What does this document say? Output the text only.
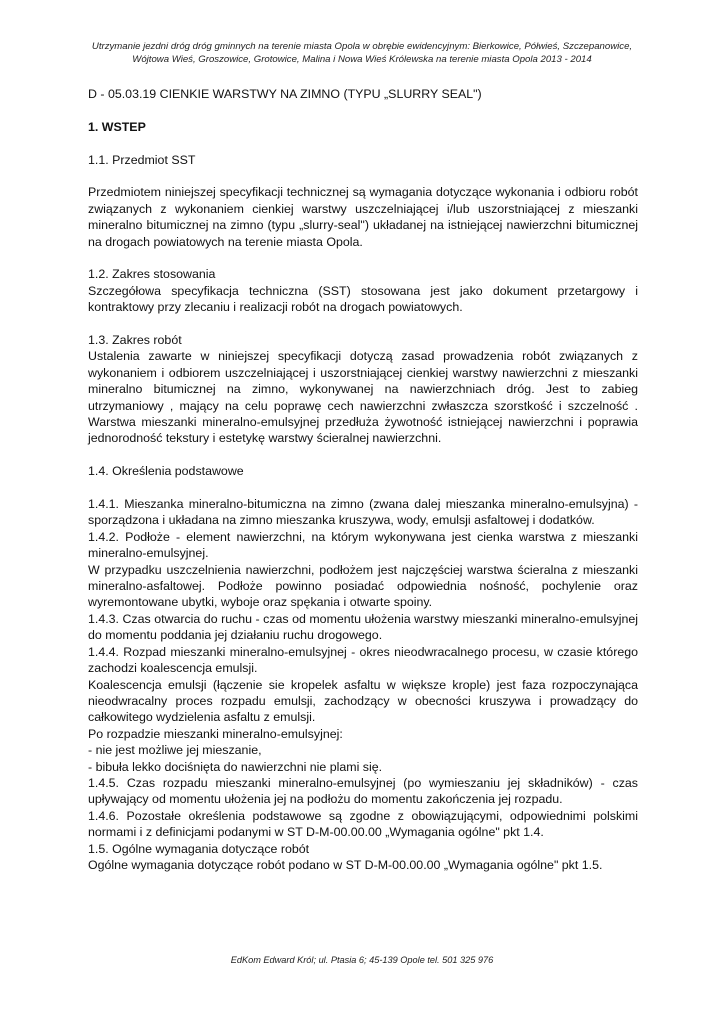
Utrzymanie jezdni dróg dróg gminnych na terenie miasta Opola w obrębie ewidencyjnym: Bierkowice, Półwieś, Szczepanowice,
Wójtowa Wieś, Groszowice, Grotowice, Malina i Nowa Wieś Królewska na terenie miasta Opola 2013 - 2014

D - 05.03.19 CIENKIE WARSTWY NA ZIMNO (TYPU „SLURRY SEAL")

1. WSTEP

1.1. Przedmiot SST

Przedmiotem niniejszej specyfikacji technicznej są wymagania dotyczące wykonania i odbioru robót związanych z wykonaniem cienkiej warstwy uszczelniającej i/lub uszorstniającej z mieszanki mineralno bitumicznej na zimno (typu „slurry-seal") układanej na istniejącej nawierzchni bitumicznej na drogach powiatowych na terenie miasta Opola.

1.2. Zakres stosowania

Szczegółowa specyfikacja techniczna (SST) stosowana jest jako dokument przetargowy i kontraktowy przy zlecaniu i realizacji robót na drogach powiatowych.

1.3. Zakres robót

Ustalenia zawarte w niniejszej specyfikacji dotyczą zasad prowadzenia robót związanych z wykonaniem i odbiorem uszczelniającej i uszorstniającej cienkiej warstwy nawierzchni z mieszanki mineralno bitumicznej na zimno, wykonywanej na nawierzchniach dróg. Jest to zabieg utrzymaniowy , mający na celu poprawę cech nawierzchni zwłaszcza szorstkość i szczelność . Warstwa mieszanki mineralno-emulsyjnej przedłuża żywotność istniejącej nawierzchni i poprawia jednorodność tekstury i estetykę warstwy ścieralnej nawierzchni.

1.4. Określenia podstawowe

1.4.1. Mieszanka mineralno-bitumiczna na zimno (zwana dalej mieszanka mineralno-emulsyjna) - sporządzona i układana na zimno mieszanka kruszywa, wody, emulsji asfaltowej i dodatków.

1.4.2. Podłoże - element nawierzchni, na którym wykonywana jest cienka warstwa z mieszanki mineralno-emulsyjnej.

W przypadku uszczelnienia nawierzchni, podłożem jest najczęściej warstwa ścieralna z mieszanki mineralno-asfaltowej. Podłoże powinno posiadać odpowiednia nośność, pochylenie oraz wyremontowane ubytki, wyboje oraz spękania i otwarte spoiny.

1.4.3. Czas otwarcia do ruchu - czas od momentu ułożenia warstwy mieszanki mineralno-emulsyjnej do momentu poddania jej działaniu ruchu drogowego.

1.4.4. Rozpad mieszanki mineralno-emulsyjnej - okres nieodwracalnego procesu, w czasie którego zachodzi koalescencja emulsji.

Koalescencja emulsji (łączenie sie kropelek asfaltu w większe krople) jest faza rozpoczynająca nieodwracalny proces rozpadu emulsji, zachodzący w obecności kruszywa i prowadzący do całkowitego wydzielenia asfaltu z emulsji.

Po rozpadzie mieszanki mineralno-emulsyjnej:

- nie jest możliwe jej mieszanie,

- bibuła lekko dociśnięta do nawierzchni nie plami się.

1.4.5. Czas rozpadu mieszanki mineralno-emulsyjnej (po wymieszaniu jej składników) - czas upływający od momentu ułożenia jej na podłożu do momentu zakończenia jej rozpadu.

1.4.6. Pozostałe określenia podstawowe są zgodne z obowiązującymi, odpowiednimi polskimi normami i z definicjami podanymi w ST D-M-00.00.00 „Wymagania ogólne" pkt 1.4.

1.5. Ogólne wymagania dotyczące robót

Ogólne wymagania dotyczące robót podano w ST D-M-00.00.00 „Wymagania ogólne" pkt 1.5.

EdKom Edward Król; ul. Ptasia 6; 45-139 Opole tel. 501 325 976
